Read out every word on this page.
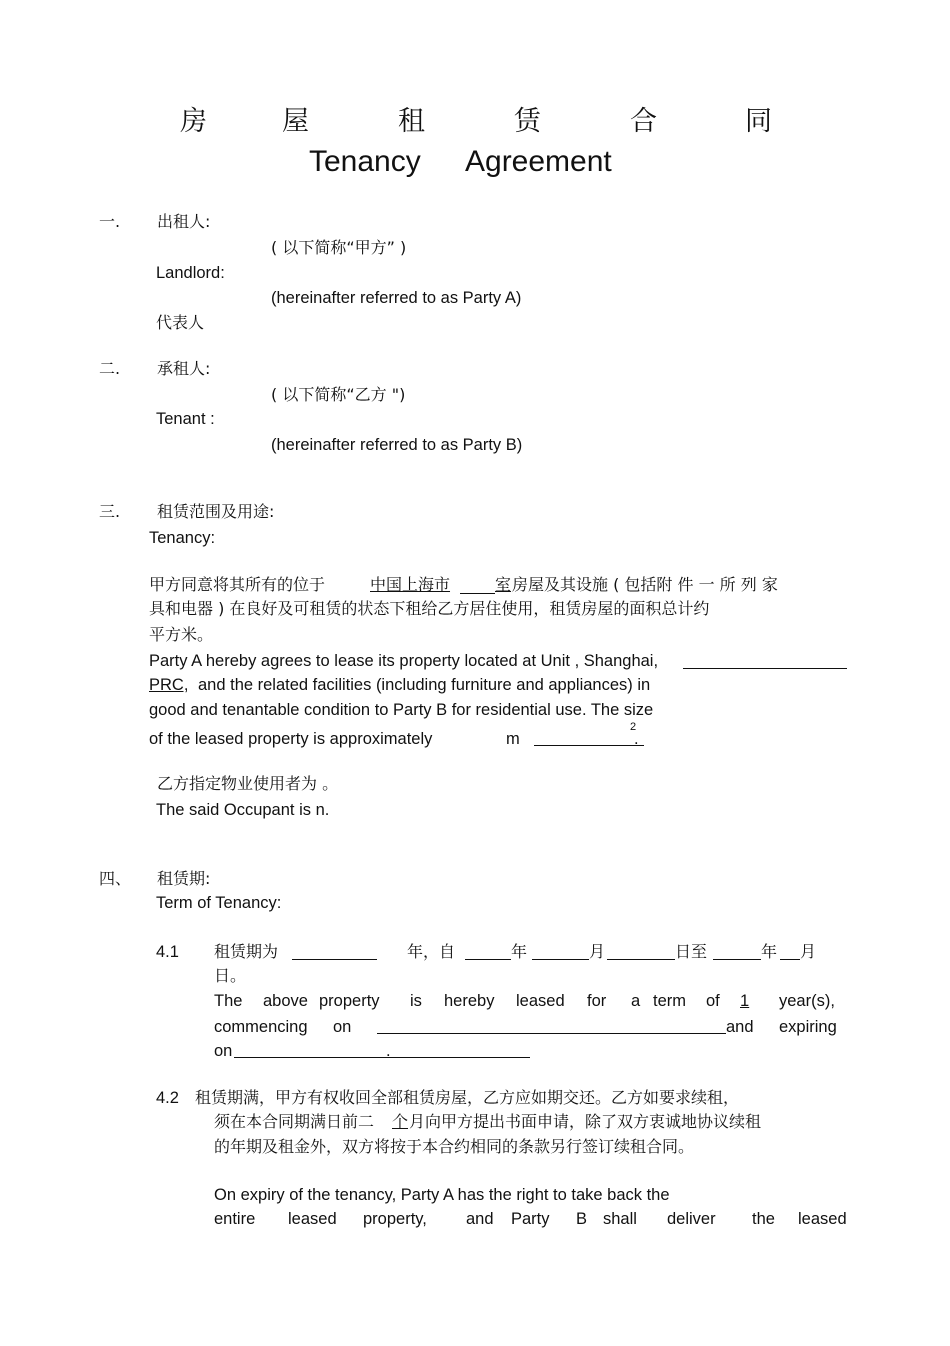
房	屋	租	赁	合	同
Tenancy Agreement
一. 出租人:
( 以下简称“甲方” )
Landlord:
(hereinafter referred to as Party A)
代表人
二. 承租人:
( 以下简称“乙方 ")
Tenant :
(hereinafter referred to as Party B)
三. 租赁范围及用途:
Tenancy:
甲方同意将其所有的位于	中国上海市	室 房屋及其设施 ( 包括附 件 一 所 列 家
具和电器 ) 在良好及可租赁的状态下租给乙方居住使用，租赁房屋的面积总计约
平方米。
Party A hereby agrees to lease its property located at Unit , Shanghai,
PRC, and the related facilities (including furniture and appliances) in
good and tenantable condition to Party B for residential use. The size
of the leased property is approximately	m
2
.
乙方指定物业使用者为 。
The said Occupant is n.
四、 租赁期:
Term of Tenancy:
4.1 租赁期为	年，自	年	月	日至	年 月
日。
The above property is hereby leased for a term of 1	year(s),
commencing on	and expiring
on	.
4.2 租赁期满，甲方有权收回全部租赁房屋，乙方应如期交还。乙方如要求续租，
须在本合同期满日前二 个 月向甲方提出书面申请，除了双方衷诚地协议续租
的年期及租金外，双方将按于本合约相同的条款另行签订续租合同。
On expiry of the tenancy, Party A has the right to take back the
entire leased property, and Party B shall deliver the leased
